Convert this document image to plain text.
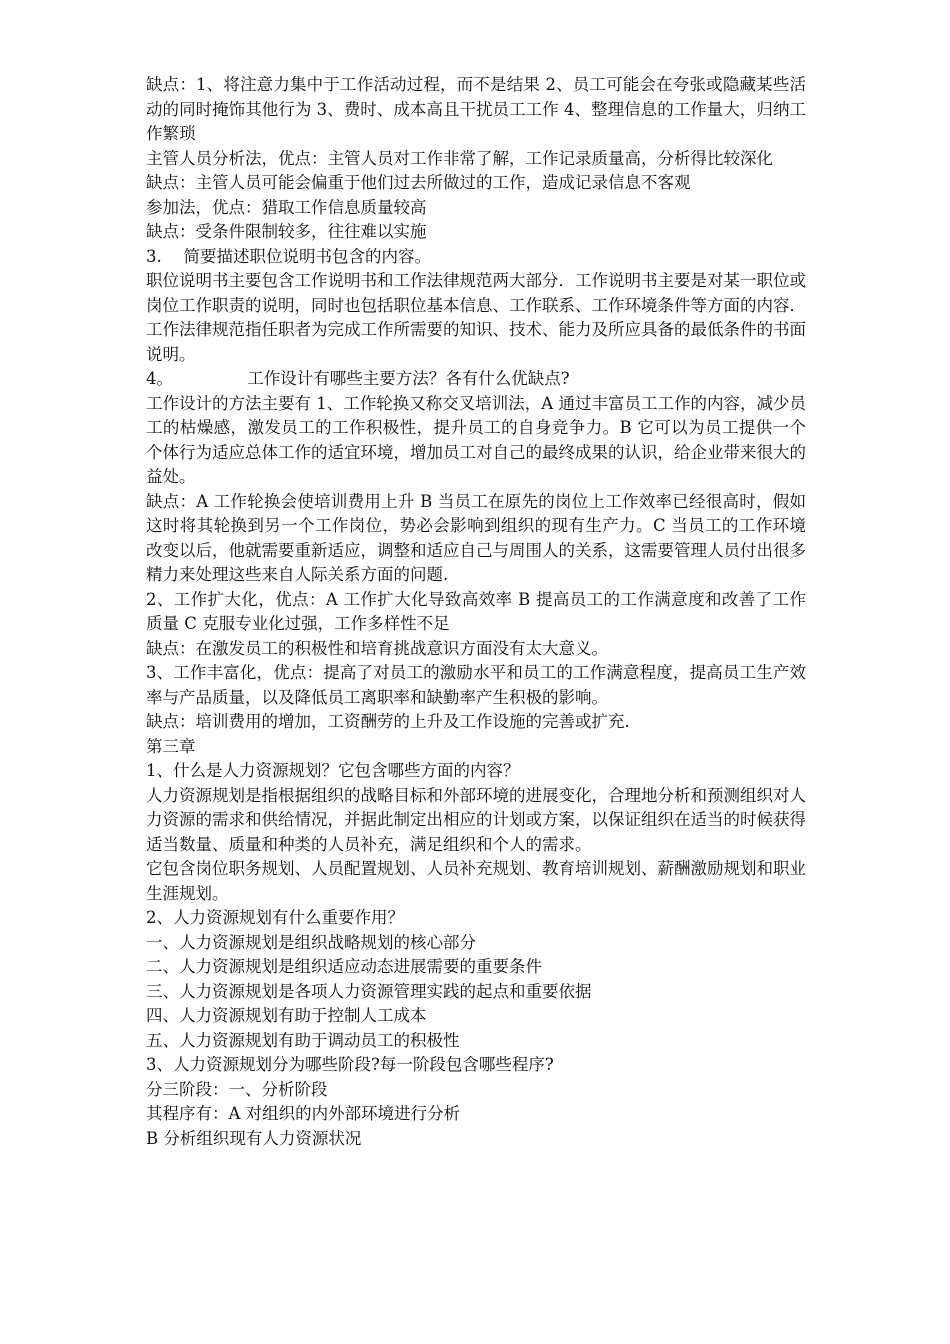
缺点：1、将注意力集中于工作活动过程，而不是结果 2、员工可能会在夸张或隐藏某些活动的同时掩饰其他行为 3、费时、成本高且干扰员工工作 4、整理信息的工作量大，归纳工作繁琐

主管人员分析法，优点：主管人员对工作非常了解，工作记录质量高，分析得比较深化

缺点：主管人员可能会偏重于他们过去所做过的工作，造成记录信息不客观

参加法，优点：猎取工作信息质量较高

缺点：受条件限制较多，往往难以实施

3.　 简要描述职位说明书包含的内容。

职位说明书主要包含工作说明书和工作法律规范两大部分．工作说明书主要是对某一职位或岗位工作职责的说明，同时也包括职位基本信息、工作联系、工作环境条件等方面的内容．工作法律规范指任职者为完成工作所需要的知识、技术、能力及所应具备的最低条件的书面说明。

4。　　　　　工作设计有哪些主要方法？各有什么优缺点?

工作设计的方法主要有 1、工作轮换又称交叉培训法，A 通过丰富员工工作的内容，减少员工的枯燥感，激发员工的工作积极性，提升员工的自身竞争力。B 它可以为员工提供一个个体行为适应总体工作的适宜环境，增加员工对自己的最终成果的认识，给企业带来很大的益处。

缺点：A 工作轮换会使培训费用上升 B 当员工在原先的岗位上工作效率已经很高时，假如这时将其轮换到另一个工作岗位，势必会影响到组织的现有生产力。C 当员工的工作环境改变以后，他就需要重新适应，调整和适应自己与周围人的关系，这需要管理人员付出很多精力来处理这些来自人际关系方面的问题.

2、工作扩大化，优点：A 工作扩大化导致高效率 B 提高员工的工作满意度和改善了工作质量 C 克服专业化过强，工作多样性不足

缺点：在激发员工的积极性和培育挑战意识方面没有太大意义。

3、工作丰富化，优点：提高了对员工的激励水平和员工的工作满意程度，提高员工生产效率与产品质量，以及降低员工离职率和缺勤率产生积极的影响。

缺点：培训费用的增加，工资酬劳的上升及工作设施的完善或扩充.

第三章

1、什么是人力资源规划？它包含哪些方面的内容？

人力资源规划是指根据组织的战略目标和外部环境的进展变化，合理地分析和预测组织对人力资源的需求和供给情况，并据此制定出相应的计划或方案，以保证组织在适当的时候获得适当数量、质量和种类的人员补充，满足组织和个人的需求。

它包含岗位职务规划、人员配置规划、人员补充规划、教育培训规划、薪酬激励规划和职业生涯规划。

2、人力资源规划有什么重要作用？

一、人力资源规划是组织战略规划的核心部分

二、人力资源规划是组织适应动态进展需要的重要条件

三、人力资源规划是各项人力资源管理实践的起点和重要依据

四、人力资源规划有助于控制人工成本

五、人力资源规划有助于调动员工的积极性

3、人力资源规划分为哪些阶段?每一阶段包含哪些程序?

分三阶段：一、分析阶段

其程序有：A 对组织的内外部环境进行分析

B 分析组织现有人力资源状况
